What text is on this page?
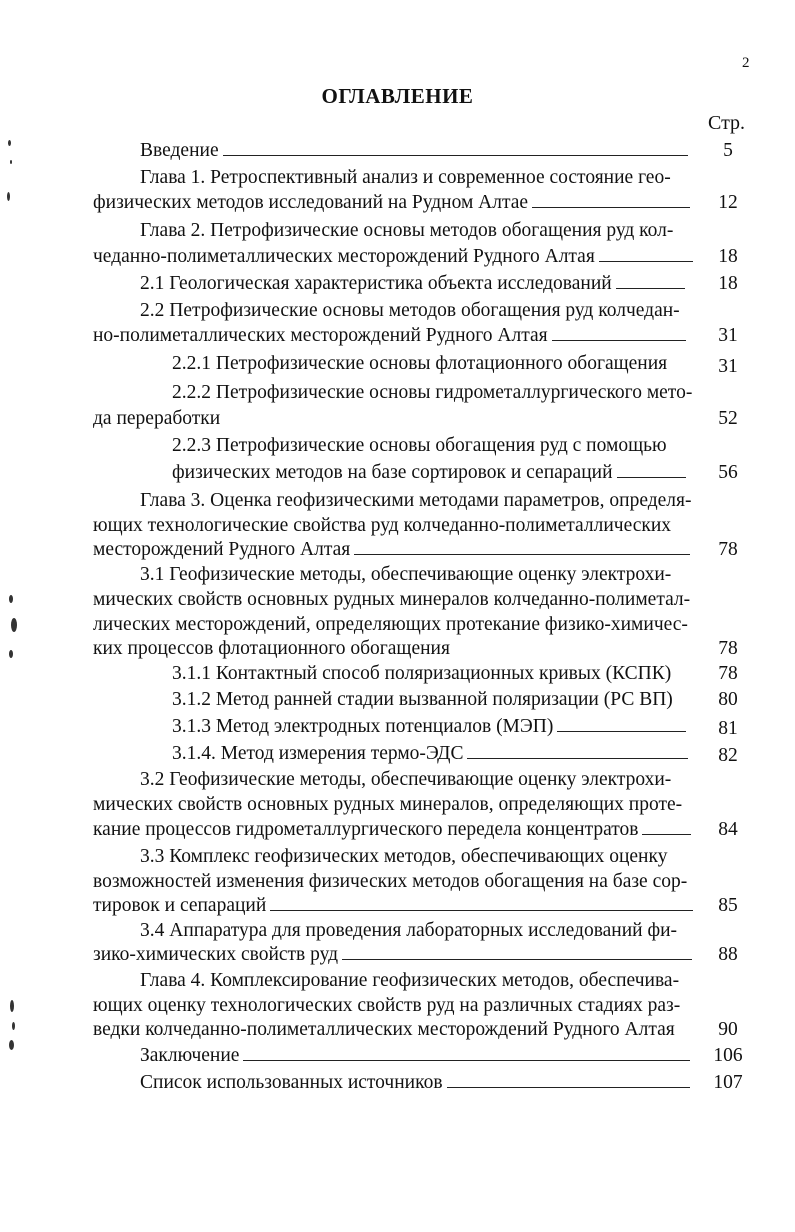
2
ОГЛАВЛЕНИЕ
Стр.
Введение	5
Глава 1. Ретроспективный анализ и современное состояние гео-
физических методов исследований на Рудном Алтае	12
Глава 2. Петрофизические основы методов обогащения руд кол-
чеданно-полиметаллических месторождений Рудного Алтая	18
2.1 Геологическая характеристика объекта исследований	18
2.2 Петрофизические основы методов обогащения руд колчедан-
но-полиметаллических месторождений Рудного Алтая	31
2.2.1 Петрофизические основы флотационного обогащения	31
2.2.2 Петрофизические основы гидрометаллургического мето-
да переработки	52
2.2.3 Петрофизические основы обогащения руд с помощью
физических методов на базе сортировок и сепараций	56
Глава 3. Оценка геофизическими методами параметров, определя-
ющих технологические свойства руд колчеданно-полиметаллических
месторождений Рудного Алтая	78
3.1 Геофизические методы, обеспечивающие оценку электрохи-
мических свойств основных рудных минералов колчеданно-полиметал-
лических месторождений, определяющих протекание физико-химичес-
ких процессов флотационного обогащения	78
3.1.1 Контактный способ поляризационных кривых (КСПК)	78
3.1.2 Метод ранней стадии вызванной поляризации (РС ВП)	80
3.1.3 Метод электродных потенциалов (МЭП)	81
3.1.4. Метод измерения термо-ЭДС	82
3.2 Геофизические методы, обеспечивающие оценку электрохи-
мических свойств основных рудных минералов, определяющих проте-
кание процессов гидрометаллургического передела концентратов	84
3.3 Комплекс геофизических методов, обеспечивающих оценку
возможностей изменения физических методов обогащения на базе сор-
тировок и сепараций	85
3.4 Аппаратура для проведения лабораторных исследований фи-
зико-химических свойств руд	88
Глава 4. Комплексирование геофизических методов, обеспечива-
ющих оценку технологических свойств руд на различных стадиях раз-
ведки колчеданно-полиметаллических месторождений Рудного Алтая	90
Заключение	106
Список использованных источников	107
